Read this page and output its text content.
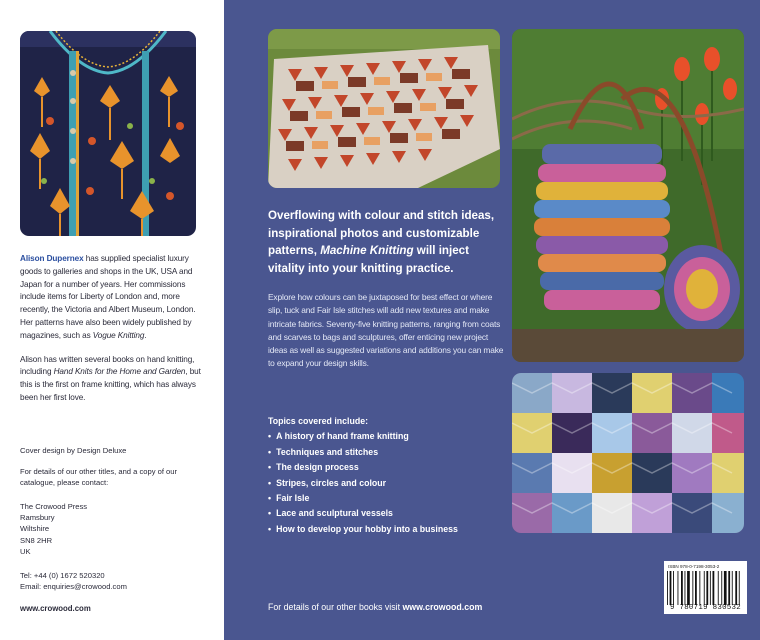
Alison Dupernex has supplied specialist luxury goods to galleries and shops in the UK, USA and Japan for a number of years. Her commissions include items for Liberty of London and, more recently, the Victoria and Albert Museum, London. Her patterns have also been widely published by magazines, such as Vogue Knitting.

Alison has written several books on hand knitting, including Hand Knits for the Home and Garden, but this is the first on frame knitting, which has always been her first love.

Cover design by Design Deluxe
For details of our other titles, and a copy of our catalogue, please contact:
The Crowood Press
Ramsbury
Wiltshire
SN8 2HR
UK
Tel: +44 (0) 1672 520320
Email: enquiries@crowood.com
www.crowood.com
Overflowing with colour and stitch ideas, inspirational photos and customizable patterns, Machine Knitting will inject vitality into your knitting practice.
Explore how colours can be juxtaposed for best effect or where slip, tuck and Fair Isle stitches will add new textures and make intricate fabrics. Seventy-five knitting patterns, ranging from coats and scarves to bags and sculptures, offer enticing new project ideas as well as suggested variations and additions you can make to expand your design skills.
Topics covered include:
• A history of hand frame knitting
• Techniques and stitches
• The design process
• Stripes, circles and colour
• Fair Isle
• Lace and sculptural vessels
• How to develop your hobby into a business
For details of our other books visit www.crowood.com
ISBN 978-0-7198-3053-2
9 780719 830532
